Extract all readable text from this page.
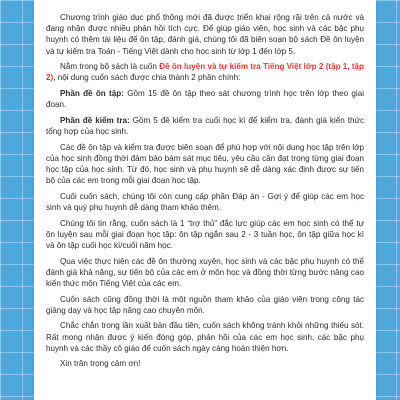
Chương trình giáo dục phổ thông mới đã được triển khai rộng rãi trên cả nước và đang nhận được nhiều phản hồi tích cực. Để giúp giáo viên, học sinh và các bậc phụ huynh có thêm tài liệu để ôn tập, đánh giá, chúng tôi đã biên soạn bộ sách Đề ôn luyện và tự kiểm tra Toán - Tiếng Việt dành cho học sinh từ lớp 1 đến lớp 5.

Nằm trong bộ sách là cuốn Đề ôn luyện và tự kiểm tra Tiếng Việt lớp 2 (tập 1, tập 2), nội dung cuốn sách được chia thành 2 phần chính:

Phần đề ôn tập: Gồm 15 đề ôn tập theo sát chương trình học trên lớp theo giai đoạn.

Phần đề kiểm tra: Gồm 5 đề kiểm tra cuối học kì để kiểm tra, đánh giá kiến thức tổng hợp của học sinh.

Các đề ôn tập và kiểm tra được biên soạn để phù hợp với nội dung học tập trên lớp của học sinh đồng thời đảm bảo bám sát mục tiêu, yêu cầu cần đạt trong từng giai đoạn học tập của học sinh. Từ đó, học sinh và phụ huynh sẽ dễ dàng xác định được sự tiến bộ của các em trong mỗi giai đoạn học tập.

Cuối cuốn sách, chúng tôi còn cung cấp phần Đáp án - Gợi ý để giúp các em học sinh và quý phụ huynh dễ dàng tham khảo thêm.

Chúng tôi tin rằng, cuốn sách là 1 “trợ thủ” đắc lực giúp các em học sinh có thể tự ôn luyện sau mỗi giai đoạn học tập: ôn tập ngắn sau 2 - 3 tuần học, ôn tập giữa học kì và ôn tập cuối học kì/cuối năm học.

Qua việc thực hiện các đề ôn thường xuyên, học sinh và các bậc phụ huynh có thể đánh giá khả năng, sự tiến bộ của các em ở môn học và đồng thời từng bước nâng cao kiến thức môn Tiếng Việt của các em.

Cuốn sách cũng đồng thời là một nguồn tham khảo của giáo viên trong công tác giảng dạy và học tập nâng cao chuyên môn.

Chắc chắn trong lần xuất bản đầu tiên, cuốn sách không tránh khỏi những thiếu sót. Rất mong nhận được ý kiến đóng góp, phản hồi của các em học sinh, các bậc phụ huynh và các thầy cô giáo để cuốn sách ngày càng hoàn thiện hơn.

Xin trân trọng cảm ơn!
